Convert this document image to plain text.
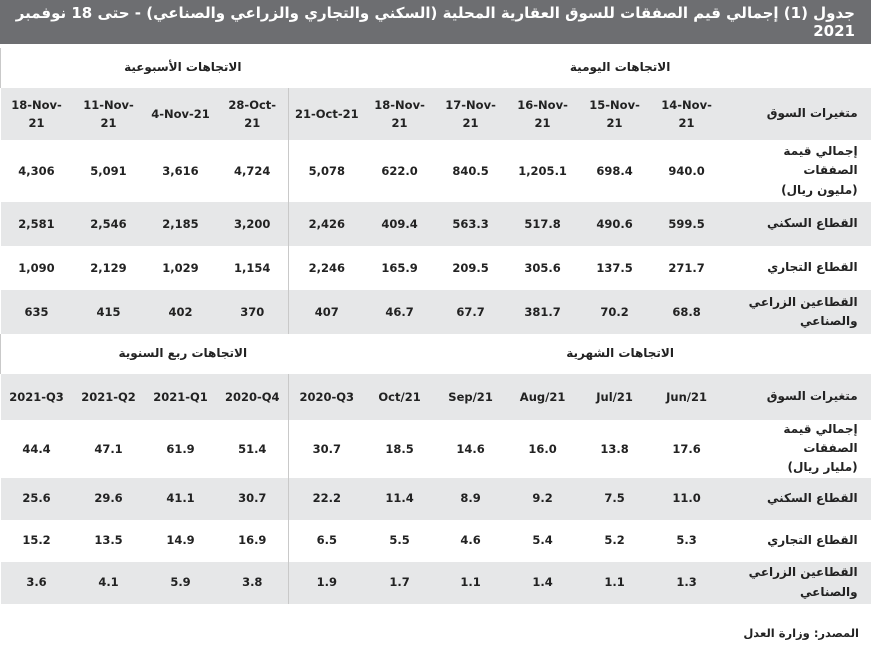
جدول (1) إجمالي قيم الصفقات للسوق العقارية المحلية (السكني والتجاري والزراعي والصناعي) - حتى 18 نوفمبر 2021
الاتجاهات الأسبوعية					الاتجاهات اليومية					
18-Nov-21	11-Nov-21	4-Nov-21	28-Oct-21	21-Oct-21	18-Nov-21	17-Nov-21	16-Nov-21	15-Nov-21	14-Nov-21	متغيرات السوق
4,306	5,091	3,616	4,724	5,078	622.0	840.5	1,205.1	698.4	940.0	إجمالي قيمة الصفقات
(مليون ريال)

2,581	2,546	2,185	3,200	2,426	409.4	563.3	517.8	490.6	599.5	القطاع السكني

1,090	2,129	1,029	1,154	2,246	165.9	209.5	305.6	137.5	271.7	القطاع التجاري

635	415	402	370	407	46.7	67.7	381.7	70.2	68.8	القطاعين الزراعي والصناعي

الاتجاهات ربع السنوية					الاتجاهات الشهرية					
2021-Q3	2021-Q2	2021-Q1	2020-Q4	2020-Q3	Oct/21	Sep/21	Aug/21	Jul/21	Jun/21	متغيرات السوق
44.4	47.1	61.9	51.4	30.7	18.5	14.6	16.0	13.8	17.6	إجمالي قيمة الصفقات
(مليار ريال)

25.6	29.6	41.1	30.7	22.2	11.4	8.9	9.2	7.5	11.0	القطاع السكني

15.2	13.5	14.9	16.9	6.5	5.5	4.6	5.4	5.2	5.3	القطاع التجاري

3.6	4.1	5.9	3.8	1.9	1.7	1.1	1.4	1.1	1.3	القطاعين الزراعي والصناعي
المصدر: وزارة العدل
